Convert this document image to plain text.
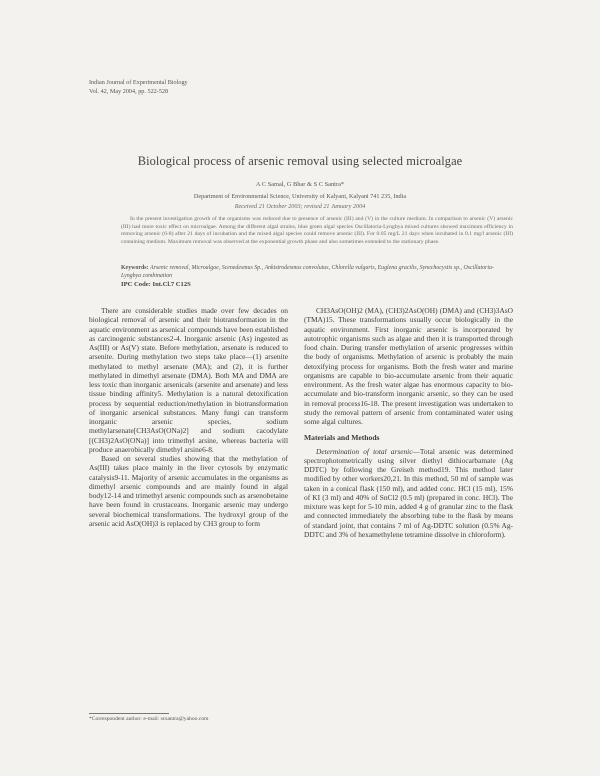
Indian Journal of Experimental Biology
Vol. 42, May 2004, pp. 522-528
Biological process of arsenic removal using selected microalgae
A C Samal, G Bhar & S C Santra*
Department of Environmental Science, University of Kalyani, Kalyani 741 235, India
Received 21 October 2003; revised 21 January 2004
In the present investigation growth of the organisms was reduced due to presence of arsenic (III) and (V) in the culture medium. In comparison to arsenic (V) arsenic (III) had more toxic effect on microalgae. Among the different algal strains, blue green algal species Oscillatoria-Lyngbya mixed cultures showed maximum efficiency in removing arsenic (6-8) after 21 days of incubation and the mixed algal species could remove arsenic (III). For 0.05 mg/L 21 days when incubated in 0.1 mg/l arsenic (III) containing medium. Maximum removal was observed at the exponential growth phase and also sometimes extended to the stationary phase.
Keywords: Arsenic removal, Microalgae, Scenedesmus Sp., Ankistrodesmus convolutus, Chlorella vulgaris, Euglena gracilis, Synechocystis sp., Oscillatoria-Lyngbya combination
IPC Code: Int.Cl.7 C12S

There are considerable studies made over few decades on biological removal of arsenic and their biotransformation in the aquatic environment as arsenical compounds have been established as carcinogenic substances2-4. Inorganic arsenic (As) ingested as As(III) or As(V) state. Before methylation, arsenate is reduced to arsenite. During methylation two steps take place—(1) arsenite methylated to methyl arsenate (MA); and (2), it is further methylated in dimethyl arsenate (DMA). Both MA and DMA are less toxic than inorganic arsenicals (arsenite and arsenate) and less tissue binding affinity5. Methylation is a natural detoxification process by sequential reduction/methylation in biotransformation of inorganic arsenical substances. Many fungi can transform inorganic arsenic species, sodium methylarsenate[CH3AsO(ONa)2] and sodium cacodylate [(CH3)2AsO(ONa)] into trimethyl arsine, whereas bacteria will produce anaerobically dimethyl arsine6-8.

Based on several studies showing that the methylation of As(III) takes place mainly in the liver cytosols by enzymatic catalysis9-11. Majority of arsenic accumulates in the organisms as dimethyl arsenic compounds and are mainly found in algal body12-14 and trimethyl arsenic compounds such as arsenobetaine have been found in crustaceans. Inorganic arsenic may undergo several biochemical transformations. The hydroxyl group of the arsenic acid AsO(OH)3 is replaced by CH3 group to form

CH3AsO(OH)2 (MA), (CH3)2AsO(OH) (DMA) and (CH3)3AsO (TMA)15. These transformations usually occur biologically in the aquatic environment. First inorganic arsenic is incorporated by autotrophic organisms such as algae and then it is transported through food chain. During transfer methylation of arsenic progresses within the body of organisms. Methylation of arsenic is probably the main detoxifying process for organisms. Both the fresh water and marine organisms are capable to bio-accumulate arsenic from their aquatic environment. As the fresh water algae has enormous capacity to bio-accumulate and bio-transform inorganic arsenic, so they can be used in removal process16-18. The present investigation was undertaken to study the removal pattern of arsenic from contaminated water using some algal cultures.

Materials and Methods

Determination of total arsenic—Total arsenic was determined spectrophotometrically using silver diethyl dithiocarbamate (Ag DDTC) by following the Greiseh method19. This method later modified by other workers20,21. In this method, 50 ml of sample was taken in a conical flask (150 ml), and added conc. HCl (15 ml), 15% of KI (3 ml) and 40% of SnCl2 (0.5 ml) (prepared in conc. HCl). The mixture was kept for 5-10 min, added 4 g of granular zinc to the flask and connected immediately the absorbing tube to the flask by means of standard joint, that contains 7 ml of Ag-DDTC solution (0.5% Ag-DDTC and 3% of hexamethylene tetramine dissolve in chloroform).

*Correspondent author: e-mail: scsantra@yahoo.com
